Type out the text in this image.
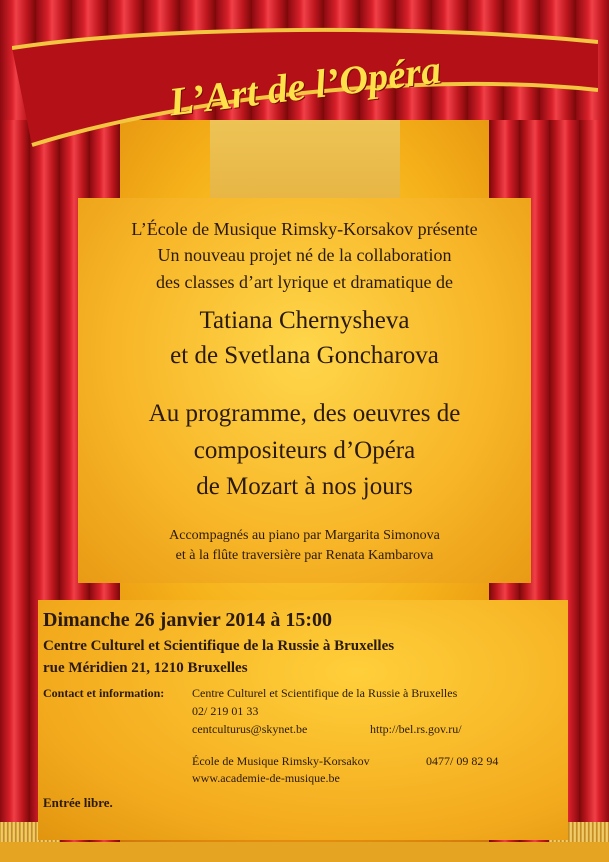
L’Art de l’Opéra
L’École de Musique Rimsky-Korsakov présente
Un nouveau projet né de la collaboration
des classes d’art lyrique et dramatique de
Tatiana Chernysheva
et de Svetlana Goncharova
Au programme, des oeuvres de
compositeurs d’Opéra
de Mozart à nos jours
Accompagnés au piano par Margarita Simonova
et à la flûte traversière par Renata Kambarova
Dimanche 26 janvier 2014 à 15:00
Centre Culturel et Scientifique de la Russie à Bruxelles
rue Méridien 21, 1210 Bruxelles
Contact et information: Centre Culturel et Scientifique de la Russie à Bruxelles
02/ 219 01 33
centculturus@skynet.be	http://bel.rs.gov.ru/
École de Musique Rimsky-Korsakov	0477/ 09 82 94
www.academie-de-musique.be
Entrée libre.
